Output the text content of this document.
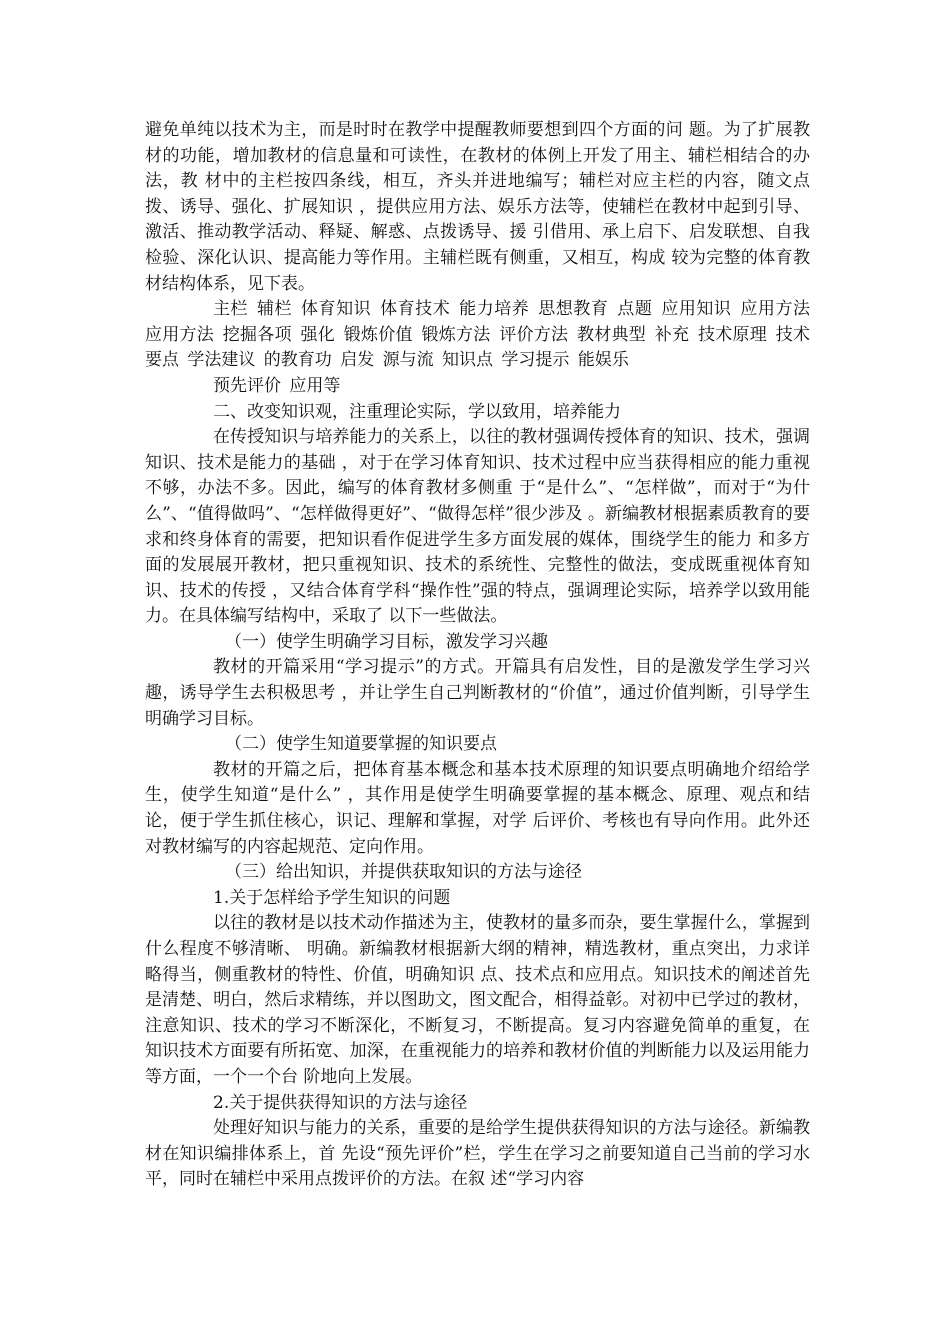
避免单纯以技术为主，而是时时在教学中提醒教师要想到四个方面的问 题。为了扩展教材的功能，增加教材的信息量和可读性，在教材的体例上开发了用主、辅栏相结合的办法，教 材中的主栏按四条线，相互，齐头并进地编写；辅栏对应主栏的内容，随文点拨、诱导、强化、扩展知识 ，提供应用方法、娱乐方法等，使辅栏在教材中起到引导、激活、推动教学活动、释疑、解惑、点拨诱导、援 引借用、承上启下、启发联想、自我检验、深化认识、提高能力等作用。主辅栏既有侧重，又相互，构成 较为完整的体育教材结构体系，见下表。

主栏 辅栏 体育知识 体育技术 能力培养 思想教育 点题 应用知识 应用方法 应用方法 挖掘各项 强化 锻炼价值 锻炼方法 评价方法 教材典型 补充 技术原理 技术要点 学法建议 的教育功 启发 源与流 知识点 学习提示 能娱乐

预先评价 应用等

二、改变知识观，注重理论实际，学以致用，培养能力

在传授知识与培养能力的关系上，以往的教材强调传授体育的知识、技术，强调知识、技术是能力的基础 ，对于在学习体育知识、技术过程中应当获得相应的能力重视不够，办法不多。因此，编写的体育教材多侧重 于“是什么”、“怎样做”，而对于“为什么”、“值得做吗”、“怎样做得更好”、“做得怎样”很少涉及 。新编教材根据素质教育的要求和终身体育的需要，把知识看作促进学生多方面发展的媒体，围绕学生的能力 和多方面的发展展开教材，把只重视知识、技术的系统性、完整性的做法，变成既重视体育知识、技术的传授 ，又结合体育学科“操作性”强的特点，强调理论实际，培养学以致用能力。在具体编写结构中，采取了 以下一些做法。

（一）使学生明确学习目标，激发学习兴趣

教材的开篇采用“学习提示”的方式。开篇具有启发性，目的是激发学生学习兴趣，诱导学生去积极思考 ，并让学生自己判断教材的“价值”，通过价值判断，引导学生明确学习目标。

（二）使学生知道要掌握的知识要点

教材的开篇之后，把体育基本概念和基本技术原理的知识要点明确地介绍给学生，使学生知道“是什么” ，其作用是使学生明确要掌握的基本概念、原理、观点和结论，便于学生抓住核心，识记、理解和掌握，对学 后评价、考核也有导向作用。此外还对教材编写的内容起规范、定向作用。

（三）给出知识，并提供获取知识的方法与途径

1.关于怎样给予学生知识的问题

以往的教材是以技术动作描述为主，使教材的量多而杂，要生掌握什么，掌握到什么程度不够清晰、 明确。新编教材根据新大纲的精神，精选教材，重点突出，力求详略得当，侧重教材的特性、价值，明确知识 点、技术点和应用点。知识技术的阐述首先是清楚、明白，然后求精练，并以图助文，图文配合，相得益彰。对初中已学过的教材，注意知识、技术的学习不断深化，不断复习，不断提高。复习内容避免简单的重复，在 知识技术方面要有所拓宽、加深，在重视能力的培养和教材价值的判断能力以及运用能力等方面，一个一个台 阶地向上发展。

2.关于提供获得知识的方法与途径

处理好知识与能力的关系，重要的是给学生提供获得知识的方法与途径。新编教材在知识编排体系上，首 先设“预先评价”栏，学生在学习之前要知道自己当前的学习水平，同时在辅栏中采用点拨评价的方法。在叙 述“学习内容
